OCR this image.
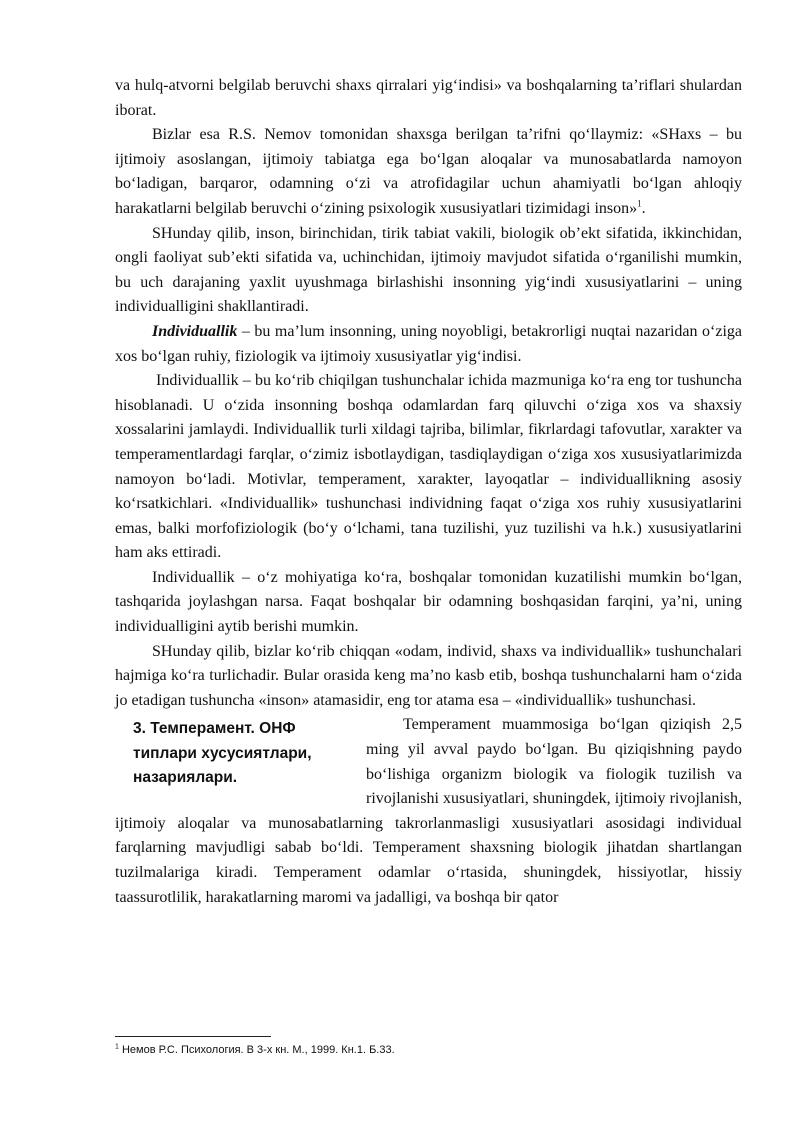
va hulq-atvorni belgilab beruvchi shaxs qirralari yig‘indisi» va boshqalarning ta’riflari shulardan iborat.

Bizlar esa R.S. Nemov tomonidan shaxsga berilgan ta’rifni qo‘llaymiz: «SHaxs – bu ijtimoiy asoslangan, ijtimoiy tabiatga ega bo‘lgan aloqalar va munosabatlarda namoyon bo‘ladigan, barqaror, odamning o‘zi va atrofidagilar uchun ahamiyatli bo‘lgan ahloqiy harakatlarni belgilab beruvchi o‘zining psixologik xususiyatlari tizimidagi inson»$^1$.

SHunday qilib, inson, birinchidan, tirik tabiat vakili, biologik ob’ekt sifatida, ikkinchidan, ongli faoliyat sub’ekti sifatida va, uchinchidan, ijtimoiy mavjudot sifatida o‘rganilishi mumkin, bu uch darajaning yaxlit uyushmaga birlashishi insonning yig‘indi xususiyatlarini – uning individualligini shakllantiradi.

Individuallik – bu ma’lum insonning, uning noyobligi, betakrorligi nuqtai nazaridan o‘ziga xos bo‘lgan ruhiy, fiziologik va ijtimoiy xususiyatlar yig‘indisi.

Individuallik – bu ko‘rib chiqilgan tushunchalar ichida mazmuniga ko‘ra eng tor tushuncha hisoblanadi. U o‘zida insonning boshqa odamlardan farq qiluvchi o‘ziga xos va shaxsiy xossalarini jamlaydi. Individuallik turli xildagi tajriba, bilimlar, fikrlardagi tafovutlar, xarakter va temperamentlardagi farqlar, o‘zimiz isbotlaydigan, tasdiqlaydigan o‘ziga xos xususiyatlarimizda namoyon bo‘ladi. Motivlar, temperament, xarakter, layoqatlar – individuallikning asosiy ko‘rsatkichlari. «Individuallik» tushunchasi individning faqat o‘ziga xos ruhiy xususiyatlarini emas, balki morfofiziologik (bo‘y o‘lchami, tana tuzilishi, yuz tuzilishi va h.k.) xususiyatlarini ham aks ettiradi.

Individuallik – o‘z mohiyatiga ko‘ra, boshqalar tomonidan kuzatilishi mumkin bo‘lgan, tashqarida joylashgan narsa. Faqat boshqalar bir odamning boshqasidan farqini, ya’ni, uning individualligini aytib berishi mumkin.

SHunday qilib, bizlar ko‘rib chiqqan «odam, individ, shaxs va individuallik» tushunchalari hajmiga ko‘ra turlichadir. Bular orasida keng ma’no kasb etib, boshqa tushunchalarni ham o‘zida jo etadigan tushuncha «inson» atamasidir, eng tor atama esa – «individuallik» tushunchasi.

3. Темперамент. ОНФ типлари хусусиятлари, назариялари.

Temperament muammosiga bo‘lgan qiziqish 2,5 ming yil avval paydo bo‘lgan. Bu qiziqishning paydo bo‘lishiga organizm biologik va fiologik tuzilish va rivojlanishi xususiyatlari, shuningdek, ijtimoiy rivojlanish, ijtimoiy aloqalar va munosabatlarning takrorlanmasligi xususiyatlari asosidagi individual farqlarning mavjudligi sabab bo‘ldi. Temperament shaxsning biologik jihatdan shartlangan tuzilmalariga kiradi. Temperament odamlar o‘rtasida, shuningdek, hissiyotlar, hissiy taassurotlilik, harakatlarning maromi va jadalligi, va boshqa bir qator

$^1$ Немов Р.С. Психология. В 3-х кн. М., 1999. Кн.1. Б.33.
